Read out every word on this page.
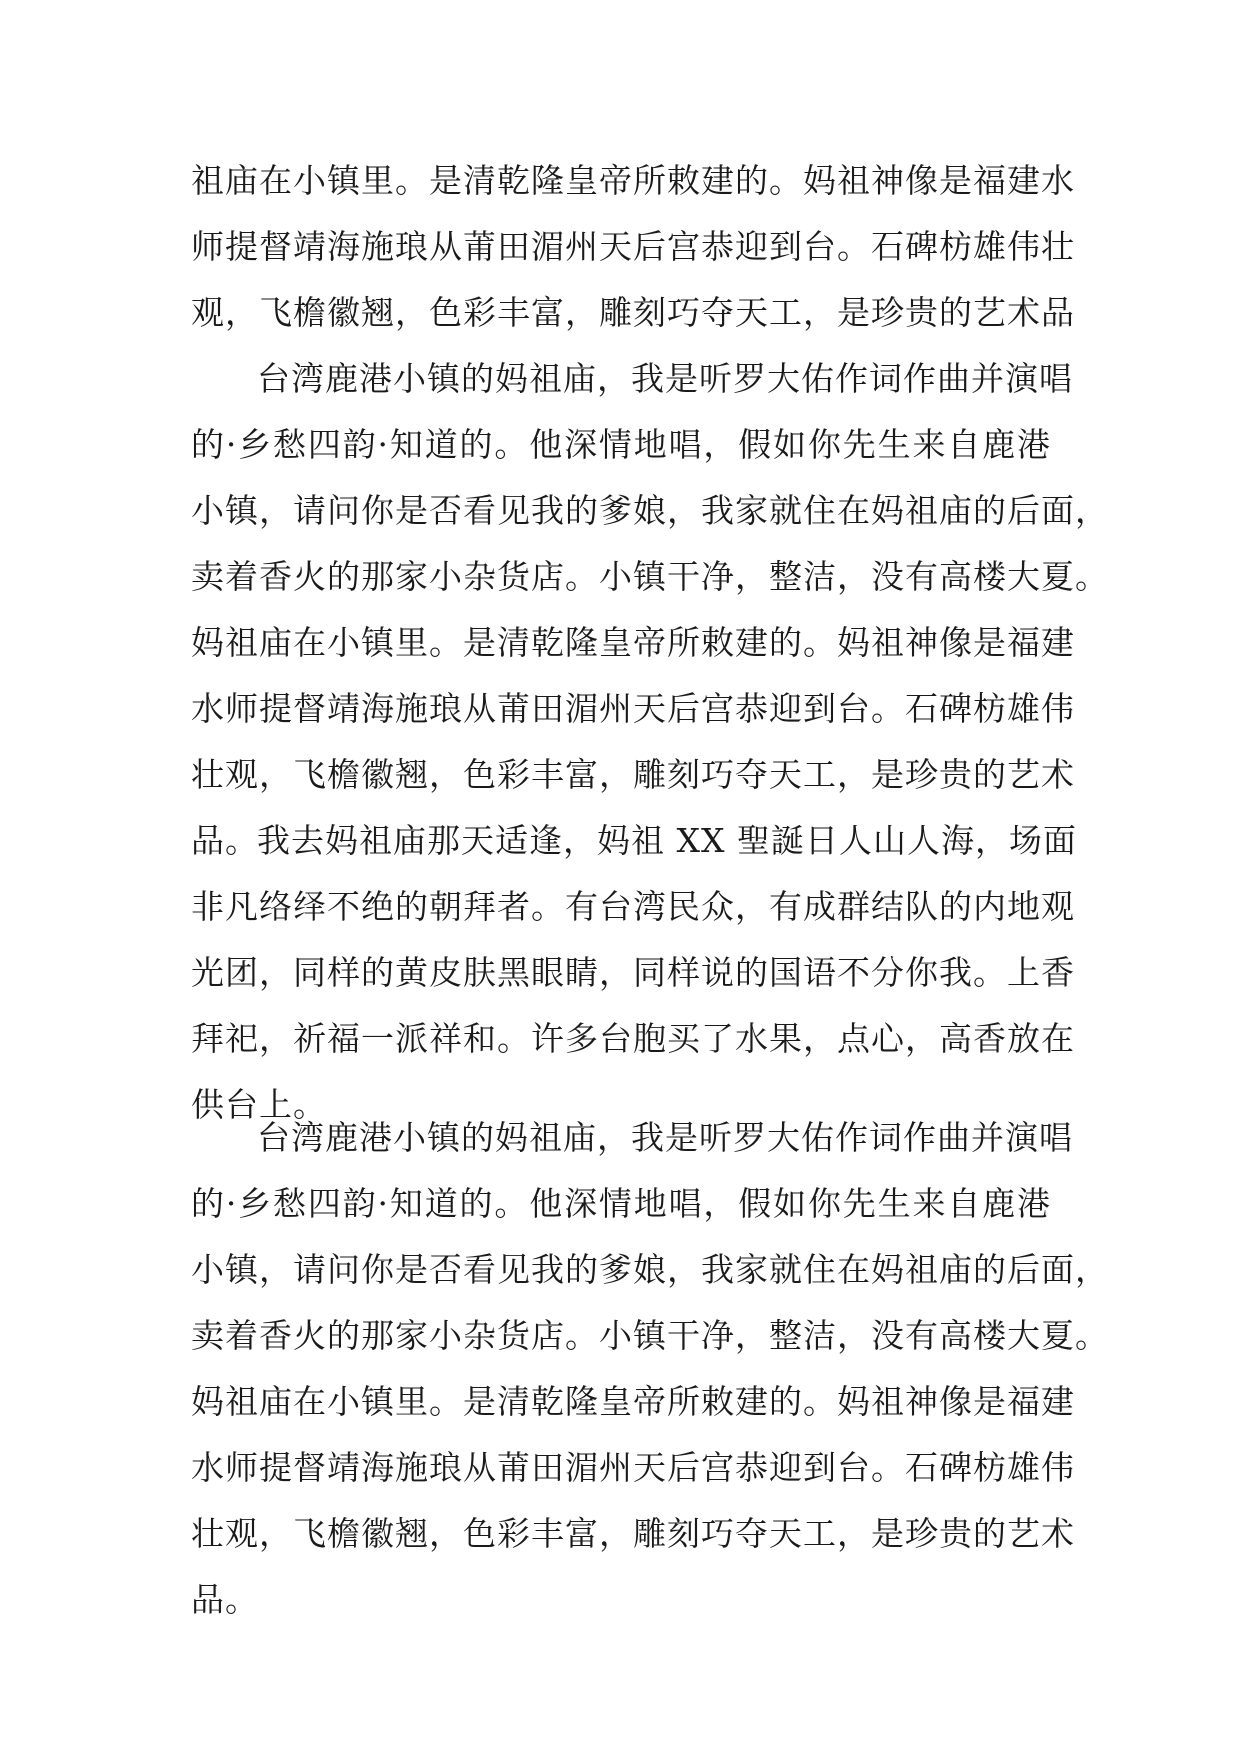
祖庙在小镇里。是清乾隆皇帝所敕建的。妈祖神像是福建水
师提督靖海施琅从莆田湄州天后宫恭迎到台。石碑枋雄伟壮
观，飞檐徽翘，色彩丰富，雕刻巧夺天工，是珍贵的艺术品
台湾鹿港小镇的妈祖庙，我是听罗大佑作词作曲并演唱
的·乡愁四韵·知道的。他深情地唱，假如你先生来自鹿港
小镇，请问你是否看见我的爹娘，我家就住在妈祖庙的后面，
卖着香火的那家小杂货店。小镇干净，整洁，没有高楼大夏。
妈祖庙在小镇里。是清乾隆皇帝所敕建的。妈祖神像是福建
水师提督靖海施琅从莆田湄州天后宫恭迎到台。石碑枋雄伟
壮观，飞檐徽翘，色彩丰富，雕刻巧夺天工，是珍贵的艺术
品。
我去妈祖庙那天适逢，妈祖 XX 聖誕日人山人海，场面
非凡络绎不绝的朝拜者。有台湾民众，有成群结队的内地观
光团，同样的黄皮肤黑眼睛，同样说的国语不分你我。上香
拜祀，祈福一派祥和。许多台胞买了水果，点心，高香放在
供台上。
台湾鹿港小镇的妈祖庙，我是听罗大佑作词作曲并演唱
的·乡愁四韵·知道的。他深情地唱，假如你先生来自鹿港
小镇，请问你是否看见我的爹娘，我家就住在妈祖庙的后面，
卖着香火的那家小杂货店。小镇干净，整洁，没有高楼大夏。
妈祖庙在小镇里。是清乾隆皇帝所敕建的。妈祖神像是福建
水师提督靖海施琅从莆田湄州天后宫恭迎到台。石碑枋雄伟
壮观，飞檐徽翘，色彩丰富，雕刻巧夺天工，是珍贵的艺术
品。
